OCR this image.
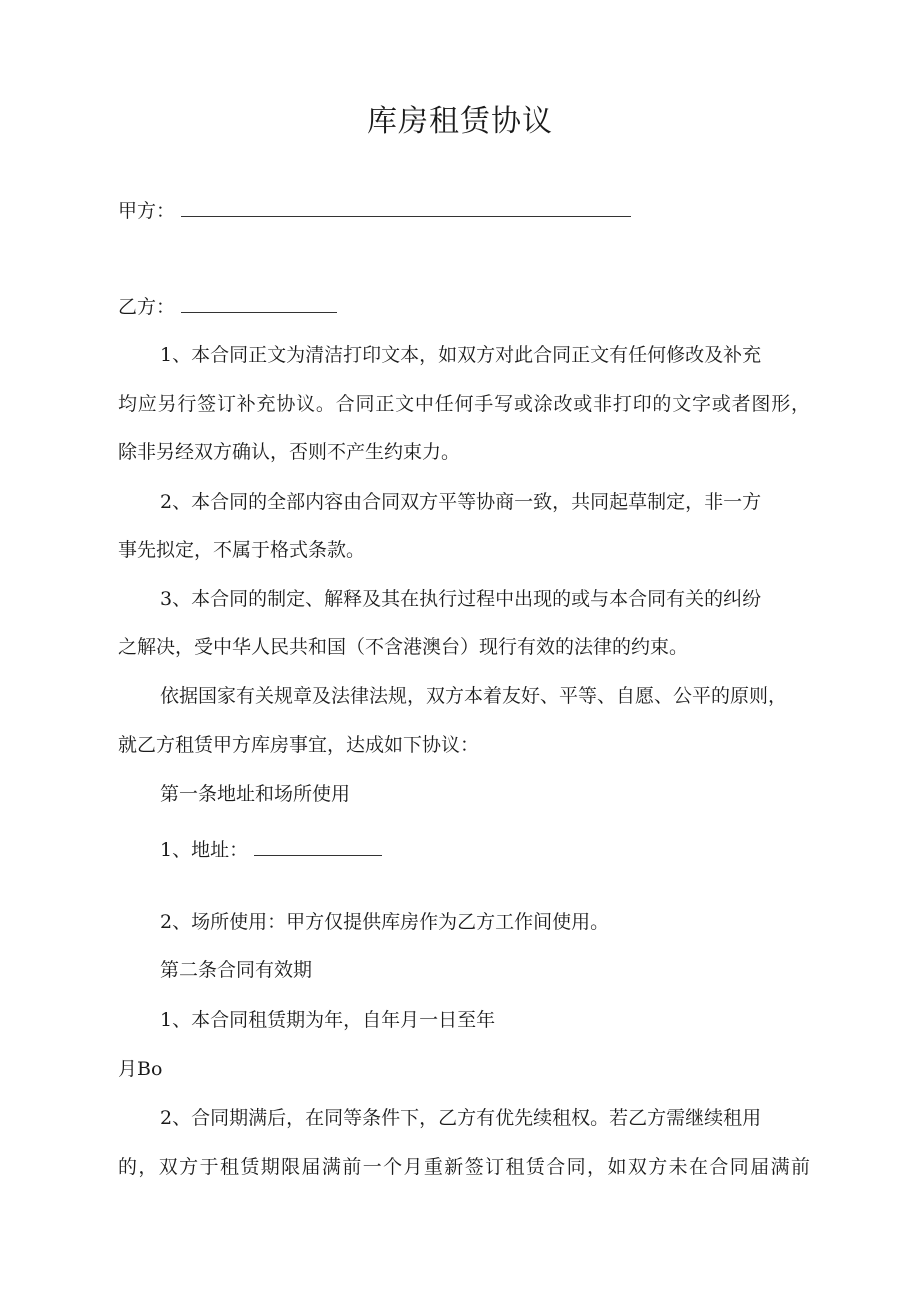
库房租赁协议
甲方：
乙方：
1、本合同正文为清洁打印文本，如双方对此合同正文有任何修改及补充
均应另行签订补充协议。合同正文中任何手写或涂改或非打印的文字或者图形，
除非另经双方确认，否则不产生约束力。
2、本合同的全部内容由合同双方平等协商一致，共同起草制定，非一方
事先拟定，不属于格式条款。
3、本合同的制定、解释及其在执行过程中出现的或与本合同有关的纠纷
之解决，受中华人民共和国（不含港澳台）现行有效的法律的约束。
依据国家有关规章及法律法规，双方本着友好、平等、自愿、公平的原则，
就乙方租赁甲方库房事宜，达成如下协议：
第一条地址和场所使用
1、地址：
2、场所使用：甲方仅提供库房作为乙方工作间使用。
第二条合同有效期
1、本合同租赁期为年，自年月一日至年
月Bo
2、合同期满后，在同等条件下，乙方有优先续租权。若乙方需继续租用
的，双方于租赁期限届满前一个月重新签订租赁合同，如双方未在合同届满前
